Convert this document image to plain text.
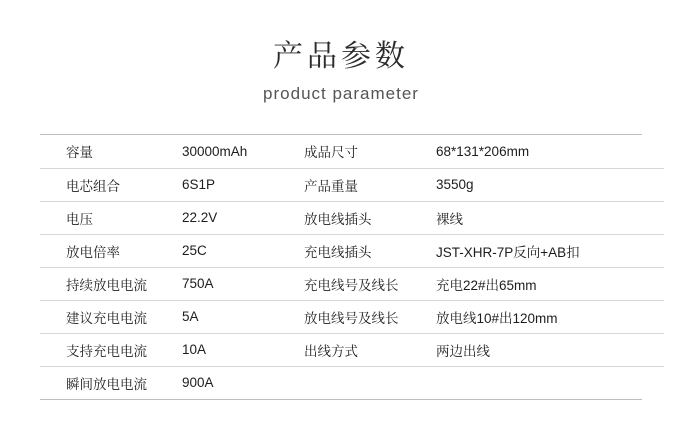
产品参数

product parameter

容量	30000mAh	成品尺寸	68*131*206mm
电芯组合	6S1P	产品重量	3550g
电压	22.2V	放电线插头	裸线
放电倍率	25C	充电线插头	JST-XHR-7P反向+AB扣
持续放电电流	750A	充电线号及线长	充电22#出65mm
建议充电电流	5A	放电线号及线长	放电线10#出120mm
支持充电电流	10A	出线方式	两边出线
瞬间放电电流	900A		
